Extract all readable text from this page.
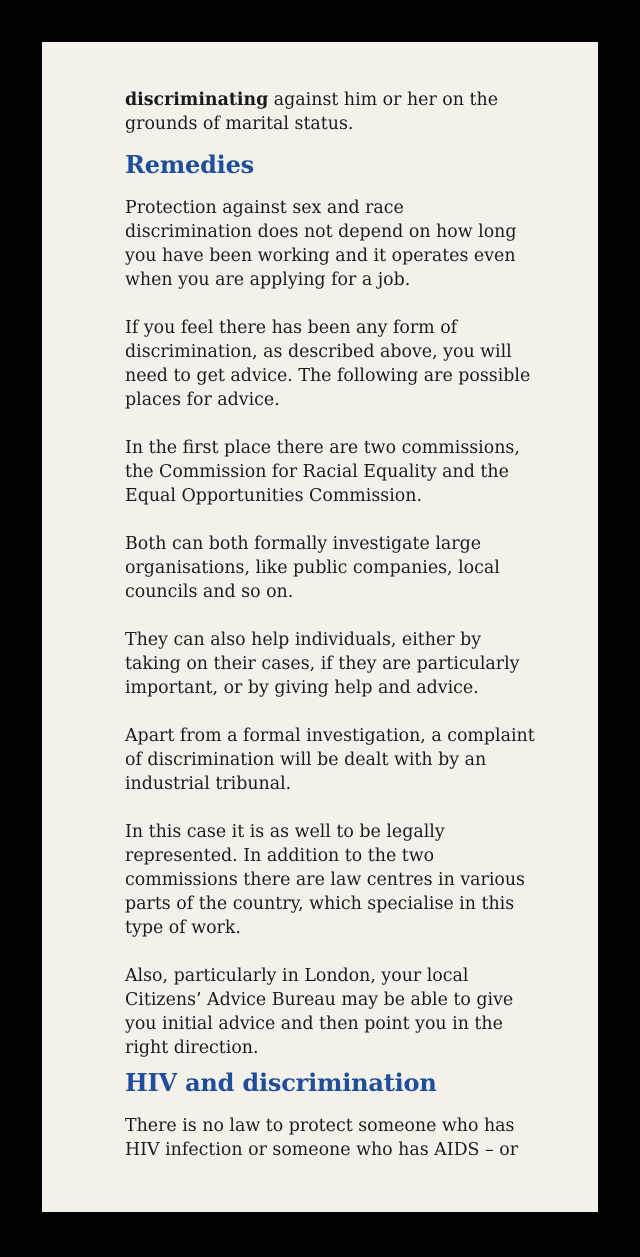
discriminating against him or her on the grounds of marital status.

Remedies

Protection against sex and race discrimination does not depend on how long you have been working and it operates even when you are applying for a job.

If you feel there has been any form of discrimination, as described above, you will need to get advice. The following are possible places for advice.

In the first place there are two commissions, the Commission for Racial Equality and the Equal Opportunities Commission.

Both can both formally investigate large organisations, like public companies, local councils and so on.

They can also help individuals, either by taking on their cases, if they are particularly important, or by giving help and advice.

Apart from a formal investigation, a complaint of discrimination will be dealt with by an industrial tribunal.

In this case it is as well to be legally represented. In addition to the two commissions there are law centres in various parts of the country, which specialise in this type of work.

Also, particularly in London, your local Citizens’ Advice Bureau may be able to give you initial advice and then point you in the right direction.

HIV and discrimination

There is no law to protect someone who has HIV infection or someone who has AIDS – or
